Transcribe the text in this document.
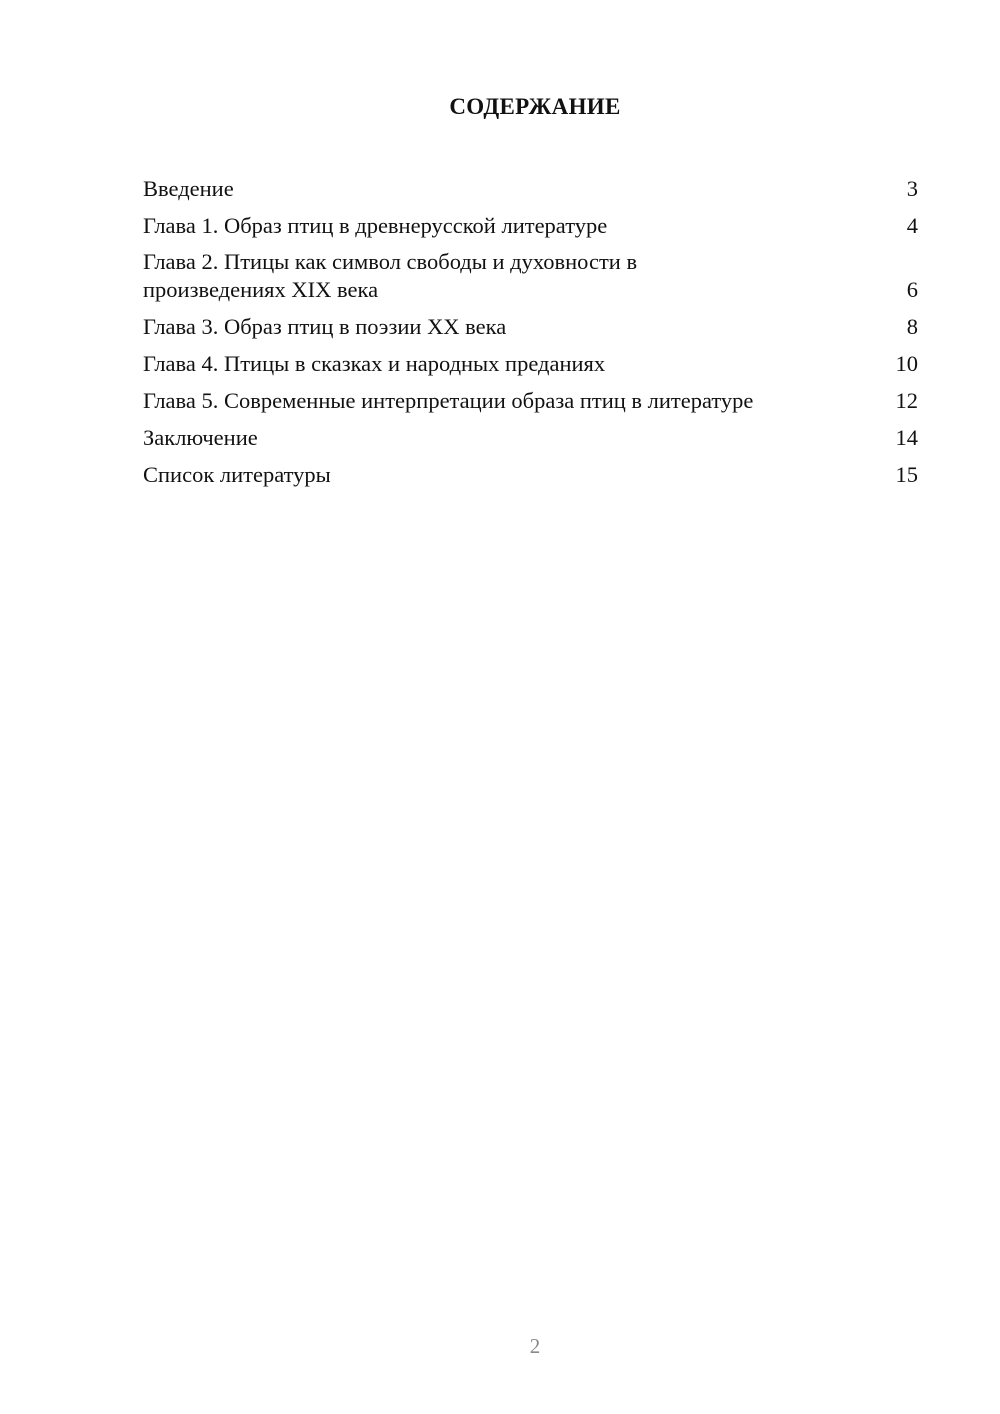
СОДЕРЖАНИЕ
Введение	3
Глава 1. Образ птиц в древнерусской литературе	4
Глава 2. Птицы как символ свободы и духовности в
произведениях XIX века	6
Глава 3. Образ птиц в поэзии XX века	8
Глава 4. Птицы в сказках и народных преданиях	10
Глава 5. Современные интерпретации образа птиц в литературе	12
Заключение	14
Список литературы	15
2
